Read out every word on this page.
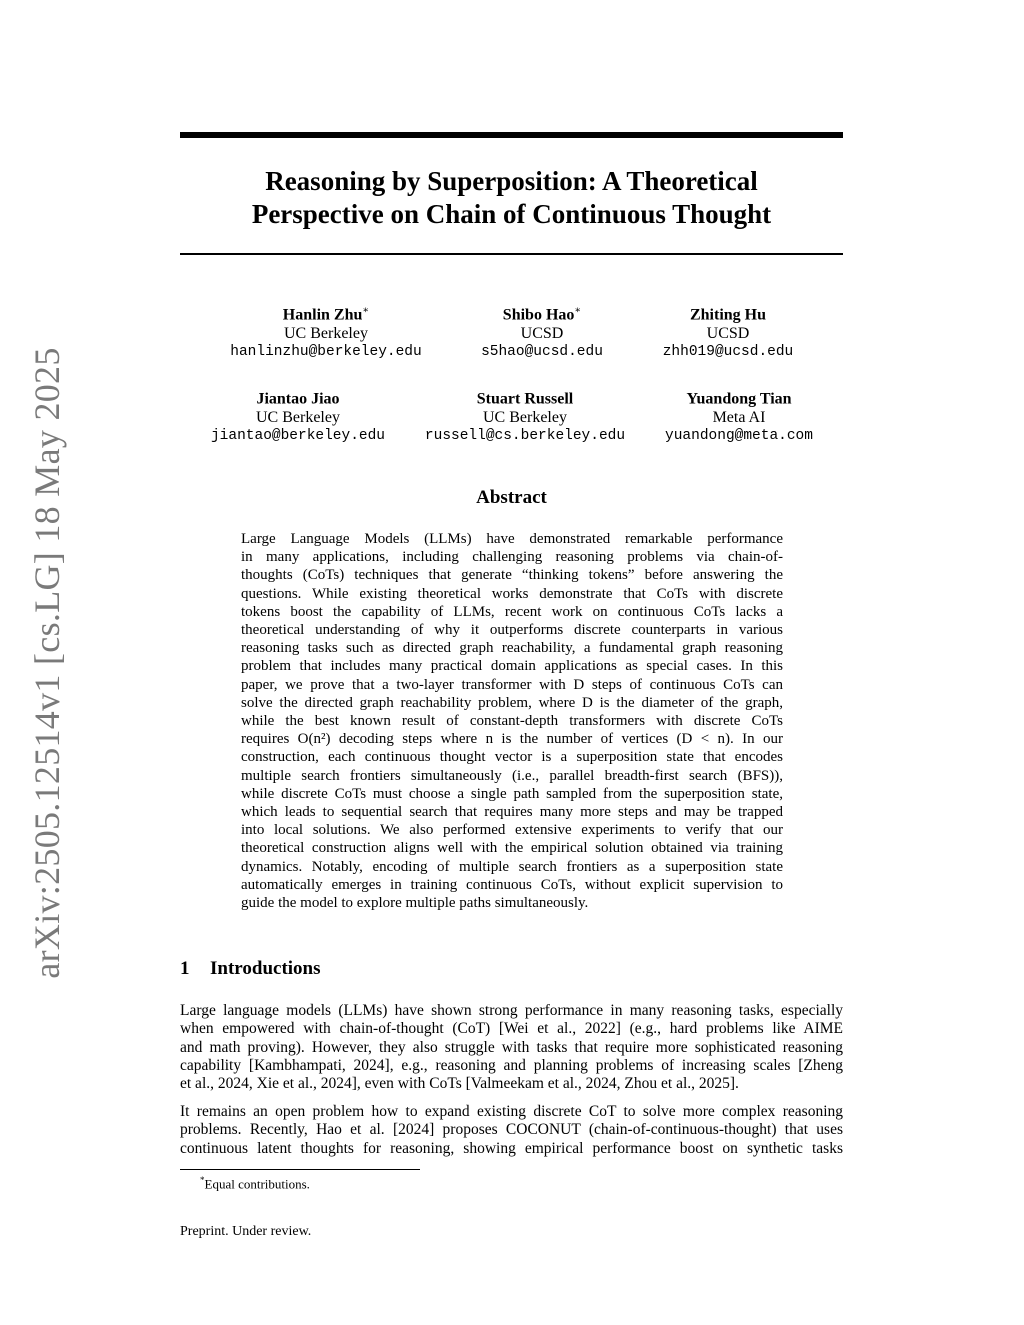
arXiv:2505.12514v1 [cs.LG] 18 May 2025
Reasoning by Superposition: A Theoretical
Perspective on Chain of Continuous Thought
Hanlin Zhu∗
UC Berkeley
hanlinzhu@berkeley.edu
Shibo Hao∗
UCSD
s5hao@ucsd.edu
Zhiting Hu
UCSD
zhh019@ucsd.edu
Jiantao Jiao
UC Berkeley
jiantao@berkeley.edu
Stuart Russell
UC Berkeley
russell@cs.berkeley.edu
Yuandong Tian
Meta AI
yuandong@meta.com
Abstract
Large Language Models (LLMs) have demonstrated remarkable performance
in many applications, including challenging reasoning problems via chain-of-
thoughts (CoTs) techniques that generate “thinking tokens” before answering the
questions. While existing theoretical works demonstrate that CoTs with discrete
tokens boost the capability of LLMs, recent work on continuous CoTs lacks a
theoretical understanding of why it outperforms discrete counterparts in various
reasoning tasks such as directed graph reachability, a fundamental graph reasoning
problem that includes many practical domain applications as special cases. In this
paper, we prove that a two-layer transformer with D steps of continuous CoTs can
solve the directed graph reachability problem, where D is the diameter of the graph,
while the best known result of constant-depth transformers with discrete CoTs
requires O(n²) decoding steps where n is the number of vertices (D < n). In our
construction, each continuous thought vector is a superposition state that encodes
multiple search frontiers simultaneously (i.e., parallel breadth-first search (BFS)),
while discrete CoTs must choose a single path sampled from the superposition state,
which leads to sequential search that requires many more steps and may be trapped
into local solutions. We also performed extensive experiments to verify that our
theoretical construction aligns well with the empirical solution obtained via training
dynamics. Notably, encoding of multiple search frontiers as a superposition state
automatically emerges in training continuous CoTs, without explicit supervision to
guide the model to explore multiple paths simultaneously.
1 Introductions
Large language models (LLMs) have shown strong performance in many reasoning tasks, especially
when empowered with chain-of-thought (CoT) [Wei et al., 2022] (e.g., hard problems like AIME
and math proving). However, they also struggle with tasks that require more sophisticated reasoning
capability [Kambhampati, 2024], e.g., reasoning and planning problems of increasing scales [Zheng
et al., 2024, Xie et al., 2024], even with CoTs [Valmeekam et al., 2024, Zhou et al., 2025].
It remains an open problem how to expand existing discrete CoT to solve more complex reasoning
problems. Recently, Hao et al. [2024] proposes COCONUT (chain-of-continuous-thought) that uses
continuous latent thoughts for reasoning, showing empirical performance boost on synthetic tasks
*Equal contributions.
Preprint. Under review.
